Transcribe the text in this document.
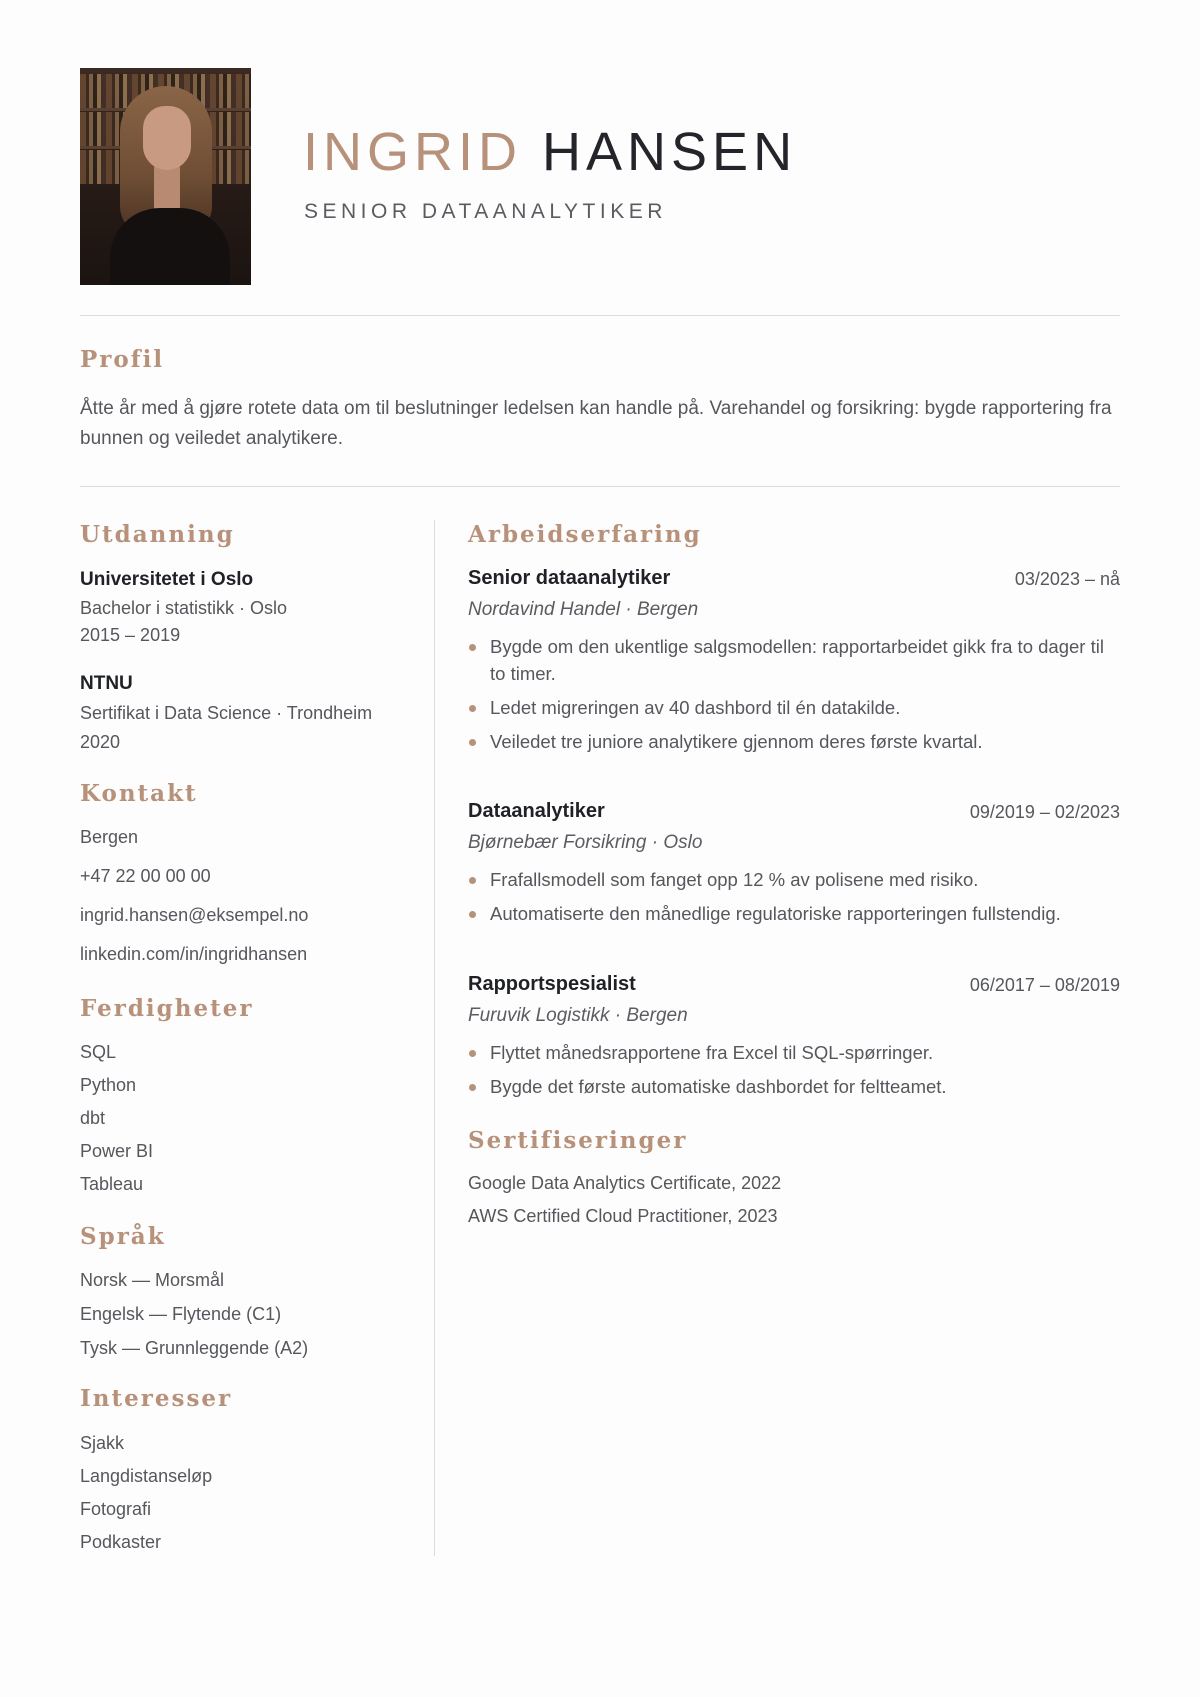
INGRID HANSEN

SENIOR DATAANALYTIKER

Profil

Åtte år med å gjøre rotete data om til beslutninger ledelsen kan handle på. Varehandel og forsikring: bygde rapportering fra bunnen og veiledet analytikere.

Utdanning

Universitetet i Oslo

Bachelor i statistikk · Oslo

2015 – 2019

NTNU

Sertifikat i Data Science · Trondheim

2020

Kontakt
Bergen
+47 22 00 00 00
ingrid.hansen@eksempel.no
linkedin.com/in/ingridhansen
Ferdigheter
SQL
Python
dbt
Power BI
Tableau
Språk
Norsk — Morsmål
Engelsk — Flytende (C1)
Tysk — Grunnleggende (A2)
Interesser
Sjakk
Langdistanseløp
Fotografi
Podkaster
Arbeidserfaring

Senior dataanalytiker	03/2023 – nå

Nordavind Handel · Bergen

Bygde om den ukentlige salgsmodellen: rapportarbeidet gikk fra to dager til to timer.
Ledet migreringen av 40 dashbord til én datakilde.
Veiledet tre juniore analytikere gjennom deres første kvartal.

Dataanalytiker	09/2019 – 02/2023

Bjørnebær Forsikring · Oslo

Frafallsmodell som fanget opp 12 % av polisene med risiko.
Automatiserte den månedlige regulatoriske rapporteringen fullstendig.

Rapportspesialist	06/2017 – 08/2019

Furuvik Logistikk · Bergen

Flyttet månedsrapportene fra Excel til SQL-spørringer.
Bygde det første automatiske dashbordet for feltteamet.
Sertifiseringer
Google Data Analytics Certificate, 2022
AWS Certified Cloud Practitioner, 2023
